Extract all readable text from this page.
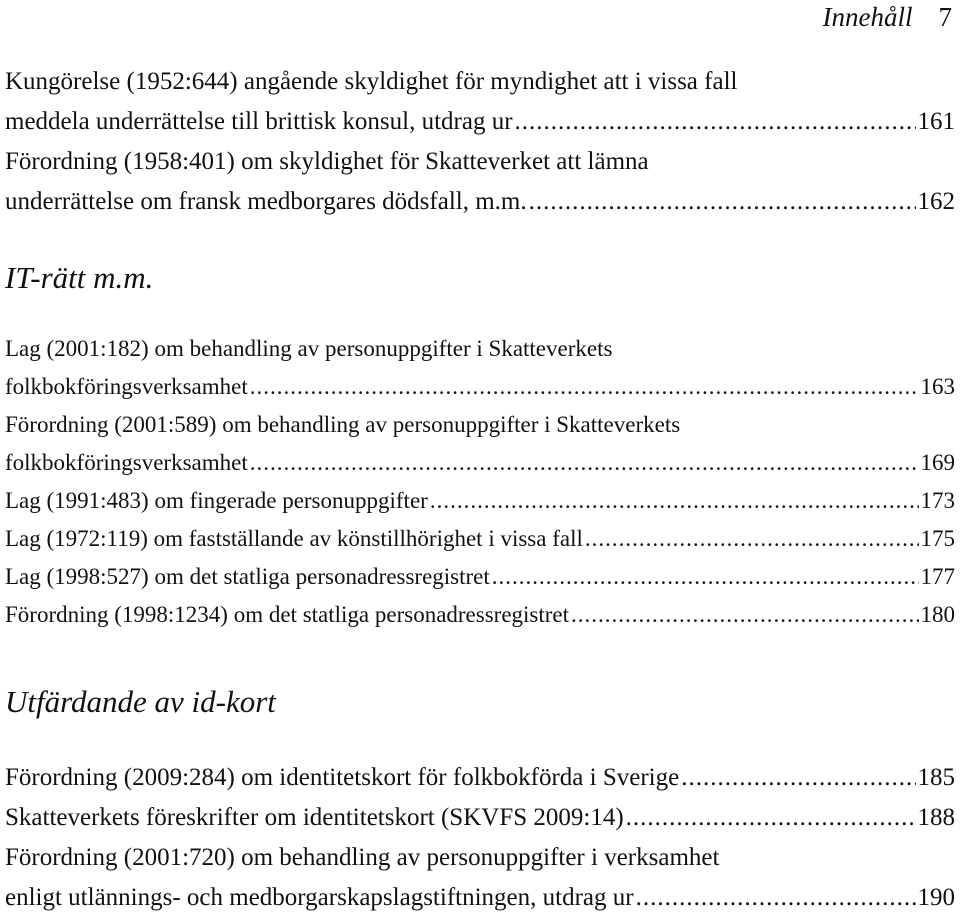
Innehåll 7
Kungörelse (1952:644) angående skyldighet för myndighet att i vissa fall
meddela underrättelse till brittisk konsul, utdrag ur .....	161
Förordning (1958:401) om skyldighet för Skatteverket att lämna
underrättelse om fransk medborgares dödsfall, m.m. .....	162
IT-rätt m.m.
Lag (2001:182) om behandling av personuppgifter i Skatteverkets
folkbokföringsverksamhet .....	163
Förordning (2001:589) om behandling av personuppgifter i Skatteverkets
folkbokföringsverksamhet .....	169
Lag (1991:483) om fingerade personuppgifter .....	173
Lag (1972:119) om fastställande av könstillhörighet i vissa fall .....	175
Lag (1998:527) om det statliga personadressregistret .....	177
Förordning (1998:1234) om det statliga personadressregistret .....	180
Utfärdande av id-kort
Förordning (2009:284) om identitetskort för folkbokförda i Sverige .....	185
Skatteverkets föreskrifter om identitetskort (SKVFS 2009:14) .....	188
Förordning (2001:720) om behandling av personuppgifter i verksamhet
enligt utlännings- och medborgarskapslagstiftningen, utdrag ur .....	190
